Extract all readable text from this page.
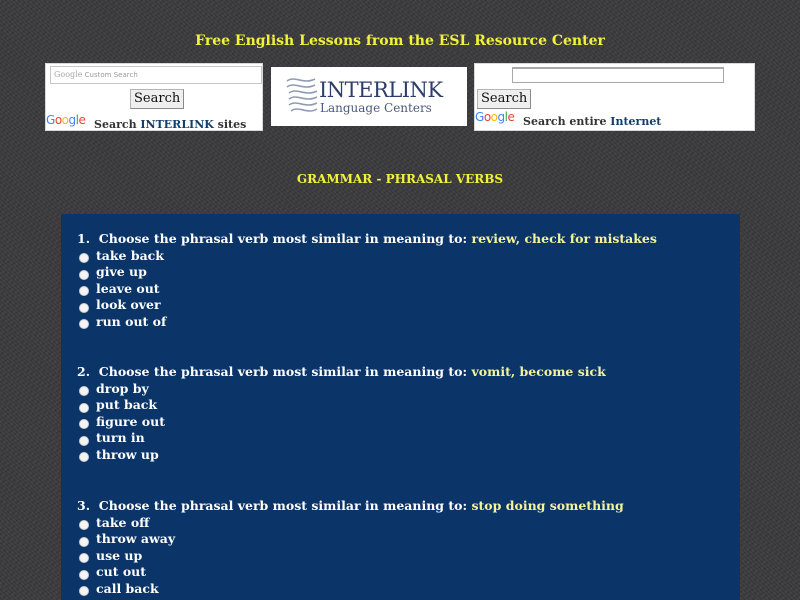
Free English Lessons from the ESL Resource Center
Google Custom Search
Search
Google Search INTERLINK sites
INTERLINK
Language Centers
Search
Google Search entire Internet
GRAMMAR - PHRASAL VERBS
1. Choose the phrasal verb most similar in meaning to: review, check for mistakes
take back
give up
leave out
look over
run out of
2. Choose the phrasal verb most similar in meaning to: vomit, become sick
drop by
put back
figure out
turn in
throw up
3. Choose the phrasal verb most similar in meaning to: stop doing something
take off
throw away
use up
cut out
call back
